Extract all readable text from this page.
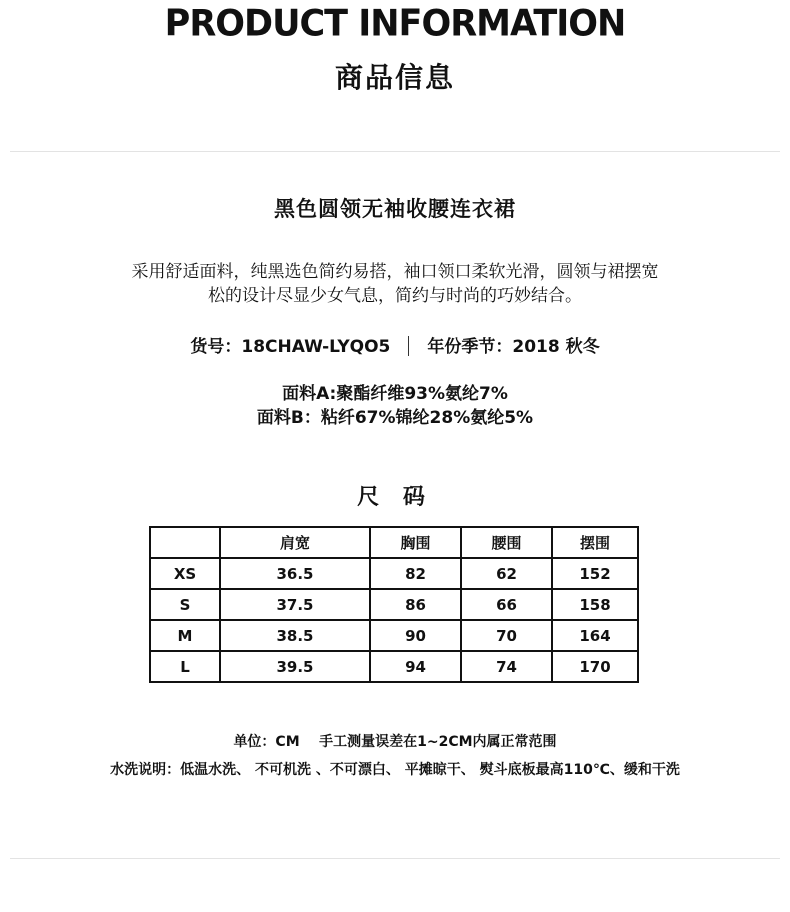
PRODUCT INFORMATION
商品信息
黑色圆领无袖收腰连衣裙
采用舒适面料，纯黑选色简约易搭，袖口领口柔软光滑，圆领与裙摆宽
松的设计尽显少女气息，简约与时尚的巧妙结合。
货号：18CHAW-LYQO5 年份季节：2018 秋冬
面料A:聚酯纤维93%氨纶7%
面料B：粘纤67%锦纶28%氨纶5%
尺 码
	肩宽	胸围	腰围	摆围
XS	36.5	82	62	152
S	37.5	86	66	158
M	38.5	90	70	164
L	39.5	94	74	170
单位：CM    手工测量误差在1~2CM内属正常范围
水洗说明：低温水洗、 不可机洗 、不可漂白、 平摊晾干、 熨斗底板最高110℃、缓和干洗
